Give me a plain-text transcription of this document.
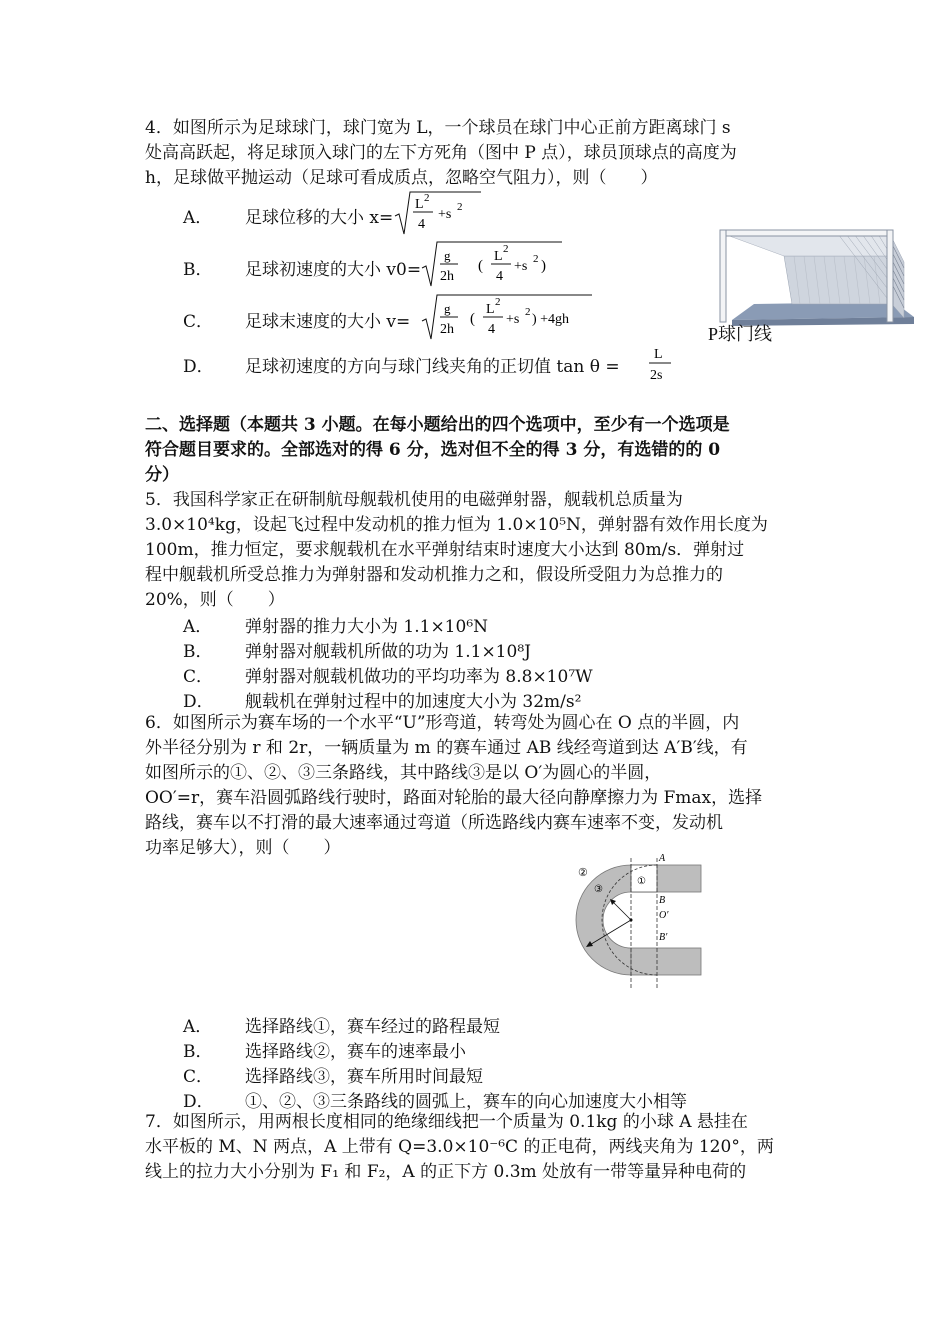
4．如图所示为足球球门，球门宽为 L，一个球员在球门中心正前方距离球门 s
处高高跃起，将足球顶入球门的左下方死角（图中 P 点），球员顶球点的高度为
h，足球做平抛运动（足球可看成质点，忽略空气阻力），则（　　）
A． 足球位移的大小 x=
L 2
4
+s 2
B． 足球初速度的大小 v0=
g
2h
(
L 2
4
+s 2 )
C． 足球末速度的大小 v=
g
2h
(
L 2
4
+s 2 ) +4gh
D． 足球初速度的方向与球门线夹角的正切值 tan θ =
L
2s
P球门线
二、选择题（本题共 3 小题。在每小题给出的四个选项中，至少有一个选项是
符合题目要求的。全部选对的得 6 分，选对但不全的得 3 分，有选错的的 0
分）
5．我国科学家正在研制航母舰载机使用的电磁弹射器，舰载机总质量为
3.0×10⁴kg，设起飞过程中发动机的推力恒为 1.0×10⁵N，弹射器有效作用长度为
100m，推力恒定，要求舰载机在水平弹射结束时速度大小达到 80m/s．弹射过
程中舰载机所受总推力为弹射器和发动机推力之和，假设所受阻力为总推力的
20%，则（　　）
A． 弹射器的推力大小为 1.1×10⁶N
B． 弹射器对舰载机所做的功为 1.1×10⁸J
C． 弹射器对舰载机做功的平均功率为 8.8×10⁷W
D． 舰载机在弹射过程中的加速度大小为 32m/s²
6．如图所示为赛车场的一个水平“U”形弯道，转弯处为圆心在 O 点的半圆，内
外半径分别为 r 和 2r，一辆质量为 m 的赛车通过 AB 线经弯道到达 A′B′线，有
如图所示的①、②、③三条路线，其中路线③是以 O′为圆心的半圆，
OO′=r，赛车沿圆弧路线行驶时，路面对轮胎的最大径向静摩擦力为 Fmax，选择
路线，赛车以不打滑的最大速率通过弯道（所选路线内赛车速率不变，发动机
功率足够大），则（　　）
A
B
O′
B′
②
③
①
A． 选择路线①，赛车经过的路程最短
B． 选择路线②，赛车的速率最小
C． 选择路线③，赛车所用时间最短
D． ①、②、③三条路线的圆弧上，赛车的向心加速度大小相等
7．如图所示，用两根长度相同的绝缘细线把一个质量为 0.1kg 的小球 A 悬挂在
水平板的 M、N 两点，A 上带有 Q=3.0×10⁻⁶C 的正电荷，两线夹角为 120°，两
线上的拉力大小分别为 F₁ 和 F₂，A 的正下方 0.3m 处放有一带等量异种电荷的
